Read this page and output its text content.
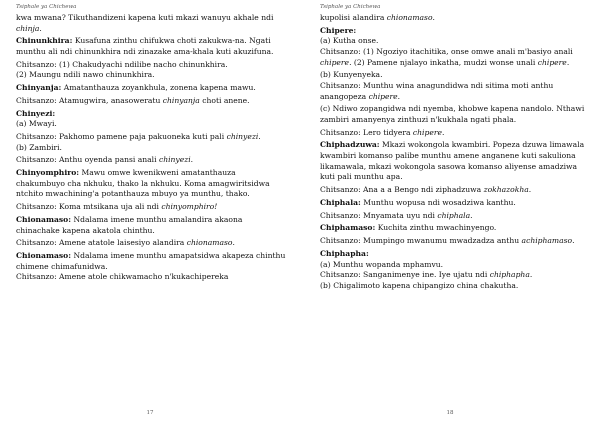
Tsiphale ya Chichewa

kwa mwana? Tikuthandizeni kapena kuti mkazi wanuyu akhale ndi chinja.

Chinunkhira: Kusafuna zinthu chifukwa choti zakukwa-na. Ngati munthu ali ndi chinunkhira ndi zinazake ama-khala kuti akuzifuna.

Chitsanzo: (1) Chakudyachi ndilibe nacho chinunkhira.
(2) Maungu ndili nawo chinunkhira.

Chinyanja: Amatanthauza zoyankhula, zonena kapena mawu.

Chitsanzo: Atamugwira, anasoweratu chinyanja choti anene.

Chinyezi:
(a) Mwayi.

Chitsanzo: Pakhomo pamene paja pakuoneka kuti pali chinyezi.
(b) Zambiri.

Chitsanzo: Anthu oyenda pansi anali chinyezi.

Chinyomphiro: Mawu omwe kwenikweni amatanthauza chakumbuyo cha nkhuku, thako la nkhuku. Koma amagwiritsidwa ntchito mwachining'a potanthauza mbuyo ya munthu, thako.

Chitsanzo: Koma mtsikana uja ali ndi chinyomphiro!

Chionamaso: Ndalama imene munthu amalandira akaona chinachake kapena akatola chinthu.

Chitsanzo: Amene atatole laisesiyo alandira chionamaso.

Chionamaso: Ndalama imene munthu amapatsidwa akapeza chinthu chimene chimafunidwa.
Chitsanzo: Amene atole chikwamacho n'kukachipereka

17
Tsiphale ya Chichewa

kupolisi alandira chionamaso.

Chipere:
(a) Kutha onse.
Chitsanzo: (1) Ngoziyo itachitika, onse omwe anali m'basiyo anali chipere. (2) Pamene njalayo inkatha, mudzi wonse unali chipere.

(b) Kunyenyeka.
Chitsanzo: Munthu wina anagundidwa ndi sitima moti anthu anangopeza chipere.

(c) Ndiwo zopangidwa ndi nyemba, khobwe kapena nandolo. Nthawi zambiri amanyenya zinthuzi n'kukhala ngati phala.

Chitsanzo: Lero tidyera chipere.

Chiphadzuwa: Mkazi wokongola kwambiri. Popeza dzuwa limawala kwambiri komanso palibe munthu amene anganene kuti sakuliona likamawala, mkazi wokongola sasowa komanso aliyense amadziwa kuti pali munthu apa.

Chitsanzo: Ana a a Bengo ndi ziphadzuwa zokhazokha.

Chiphala: Munthu wopusa ndi wosadziwa kanthu.

Chitsanzo: Mnyamata uyu ndi chiphala.

Chiphamaso: Kuchita zinthu mwachinyengo.

Chitsanzo: Mumpingo mwanumu mwadzadza anthu achiphamaso.

Chiphapha:
(a) Munthu wopanda mphamvu.
Chitsanzo: Sanganimenye ine. Iye ujatu ndi chiphapha.
(b) Chigalimoto kapena chipangizo china chakutha.

18
